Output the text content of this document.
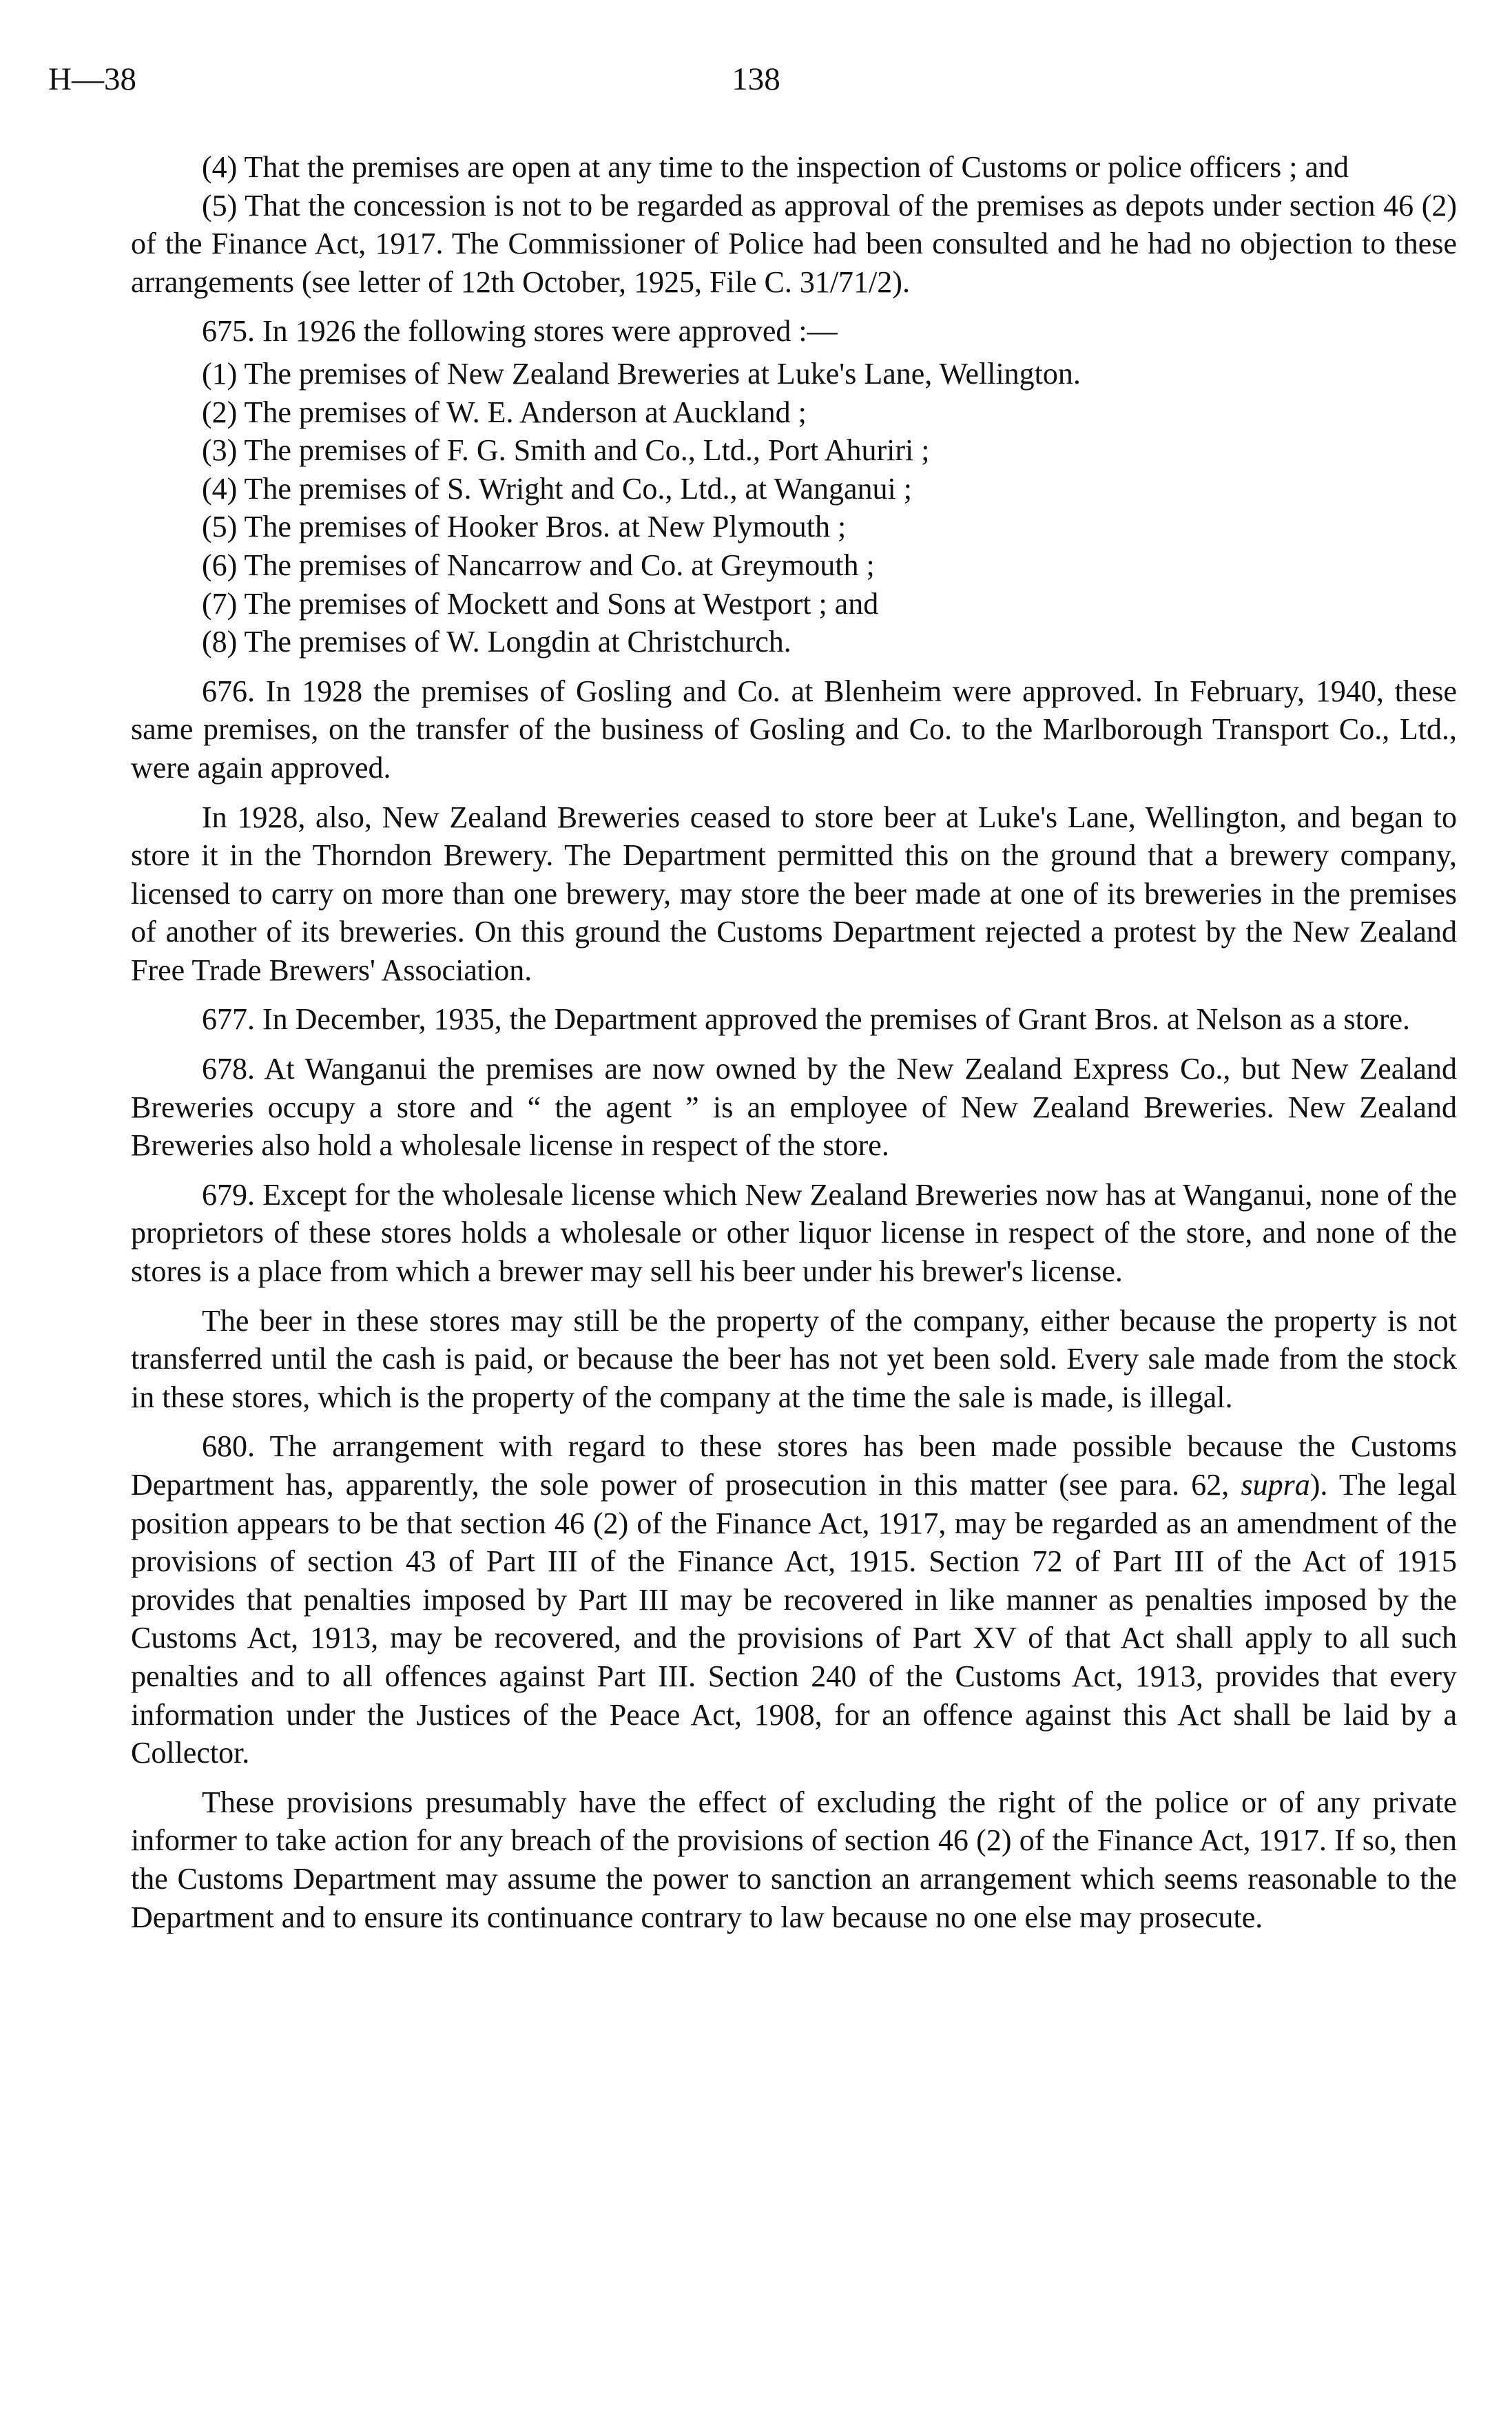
H—38	138

(4) That the premises are open at any time to the inspection of Customs or police officers ; and

(5) That the concession is not to be regarded as approval of the premises as depots under section 46 (2) of the Finance Act, 1917. The Commissioner of Police had been consulted and he had no objection to these arrangements (see letter of 12th October, 1925, File C. 31/71/2).

675. In 1926 the following stores were approved :—

(1) The premises of New Zealand Breweries at Luke's Lane, Wellington.
(2) The premises of W. E. Anderson at Auckland ;
(3) The premises of F. G. Smith and Co., Ltd., Port Ahuriri ;
(4) The premises of S. Wright and Co., Ltd., at Wanganui ;
(5) The premises of Hooker Bros. at New Plymouth ;
(6) The premises of Nancarrow and Co. at Greymouth ;
(7) The premises of Mockett and Sons at Westport ; and
(8) The premises of W. Longdin at Christchurch.

676. In 1928 the premises of Gosling and Co. at Blenheim were approved. In February, 1940, these same premises, on the transfer of the business of Gosling and Co. to the Marlborough Transport Co., Ltd., were again approved.

In 1928, also, New Zealand Breweries ceased to store beer at Luke's Lane, Wellington, and began to store it in the Thorndon Brewery. The Department permitted this on the ground that a brewery company, licensed to carry on more than one brewery, may store the beer made at one of its breweries in the premises of another of its breweries. On this ground the Customs Department rejected a protest by the New Zealand Free Trade Brewers' Association.

677. In December, 1935, the Department approved the premises of Grant Bros. at Nelson as a store.

678. At Wanganui the premises are now owned by the New Zealand Express Co., but New Zealand Breweries occupy a store and “ the agent ” is an employee of New Zealand Breweries. New Zealand Breweries also hold a wholesale license in respect of the store.

679. Except for the wholesale license which New Zealand Breweries now has at Wanganui, none of the proprietors of these stores holds a wholesale or other liquor license in respect of the store, and none of the stores is a place from which a brewer may sell his beer under his brewer's license.

The beer in these stores may still be the property of the company, either because the property is not transferred until the cash is paid, or because the beer has not yet been sold. Every sale made from the stock in these stores, which is the property of the company at the time the sale is made, is illegal.

680. The arrangement with regard to these stores has been made possible because the Customs Department has, apparently, the sole power of prosecution in this matter (see para. 62, supra). The legal position appears to be that section 46 (2) of the Finance Act, 1917, may be regarded as an amendment of the provisions of section 43 of Part III of the Finance Act, 1915. Section 72 of Part III of the Act of 1915 provides that penalties imposed by Part III may be recovered in like manner as penalties imposed by the Customs Act, 1913, may be recovered, and the provisions of Part XV of that Act shall apply to all such penalties and to all offences against Part III. Section 240 of the Customs Act, 1913, provides that every information under the Justices of the Peace Act, 1908, for an offence against this Act shall be laid by a Collector.

These provisions presumably have the effect of excluding the right of the police or of any private informer to take action for any breach of the provisions of section 46 (2) of the Finance Act, 1917. If so, then the Customs Department may assume the power to sanction an arrangement which seems reasonable to the Department and to ensure its continuance contrary to law because no one else may prosecute.
